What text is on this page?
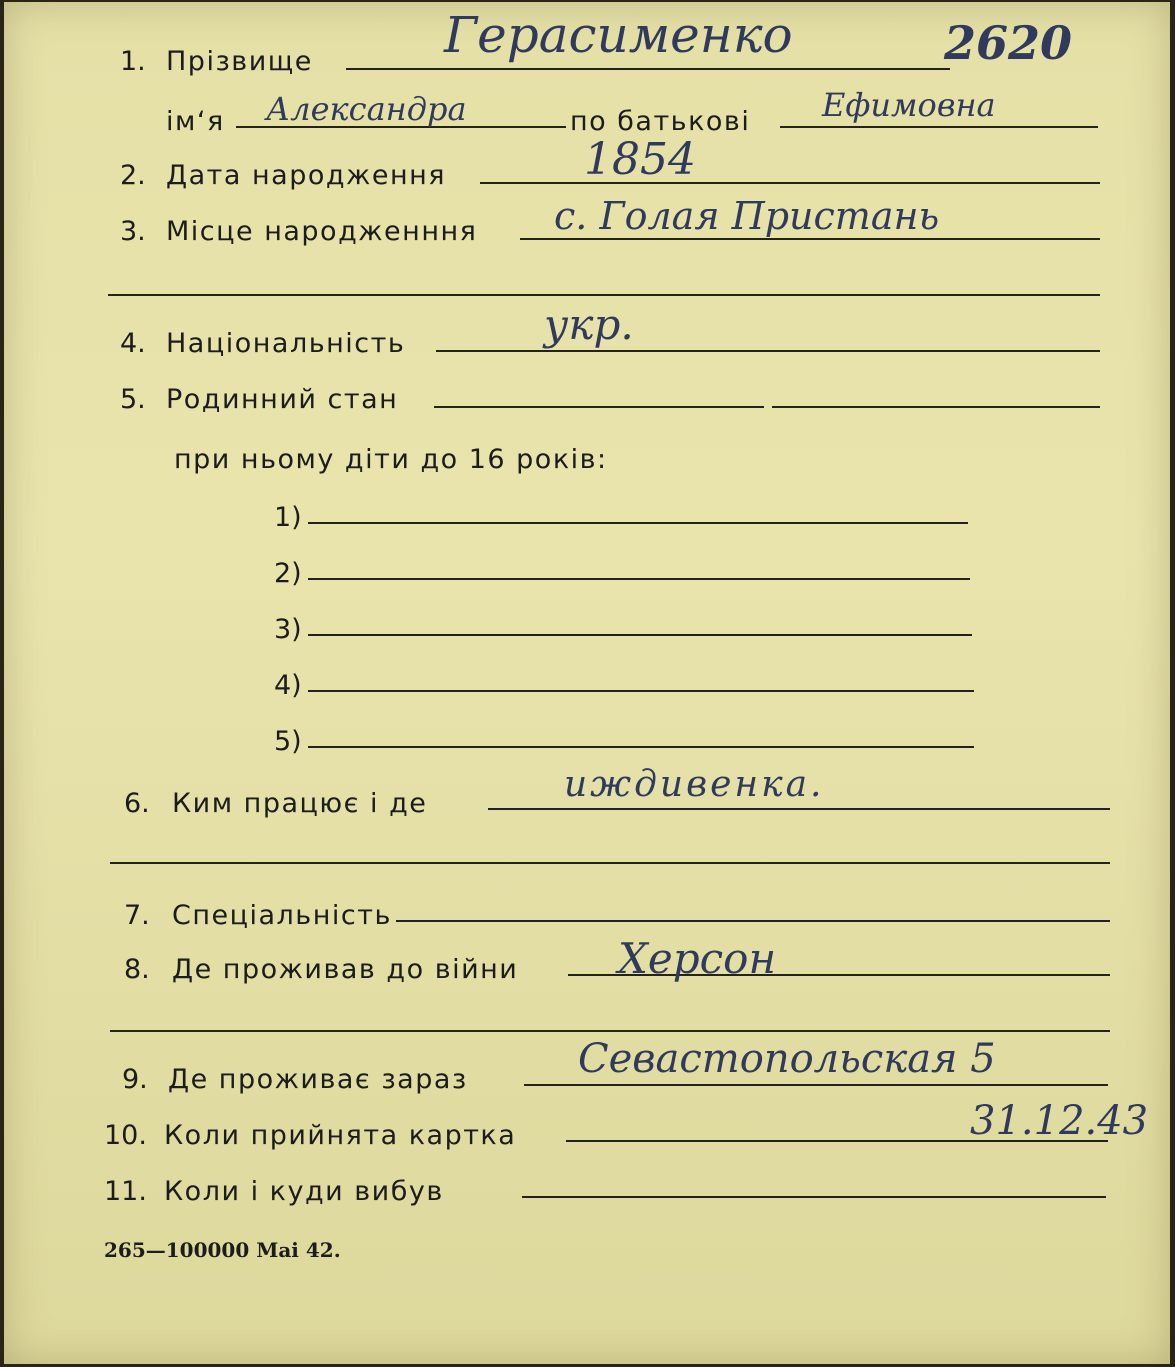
1. Прізвище	Герасименко	2620
ім‘я Александра	по батькові Ефимовна
2. Дата народження	1854
3. Місце народженння с. Голая Пристань
4. Національність	укр.
5. Родинний стан
при ньому діти до 16 років:
1)
2)
3)
4)
5)
6. Ким працює і де	иждивенка.
7. Спеціальність
8. Де проживав до війни Херсон
9. Де проживає зараз	Севастопольская 5
10. Коли прийнята картка	31.12.43
11. Коли і куди вибув
265—100000 Mai 42.
